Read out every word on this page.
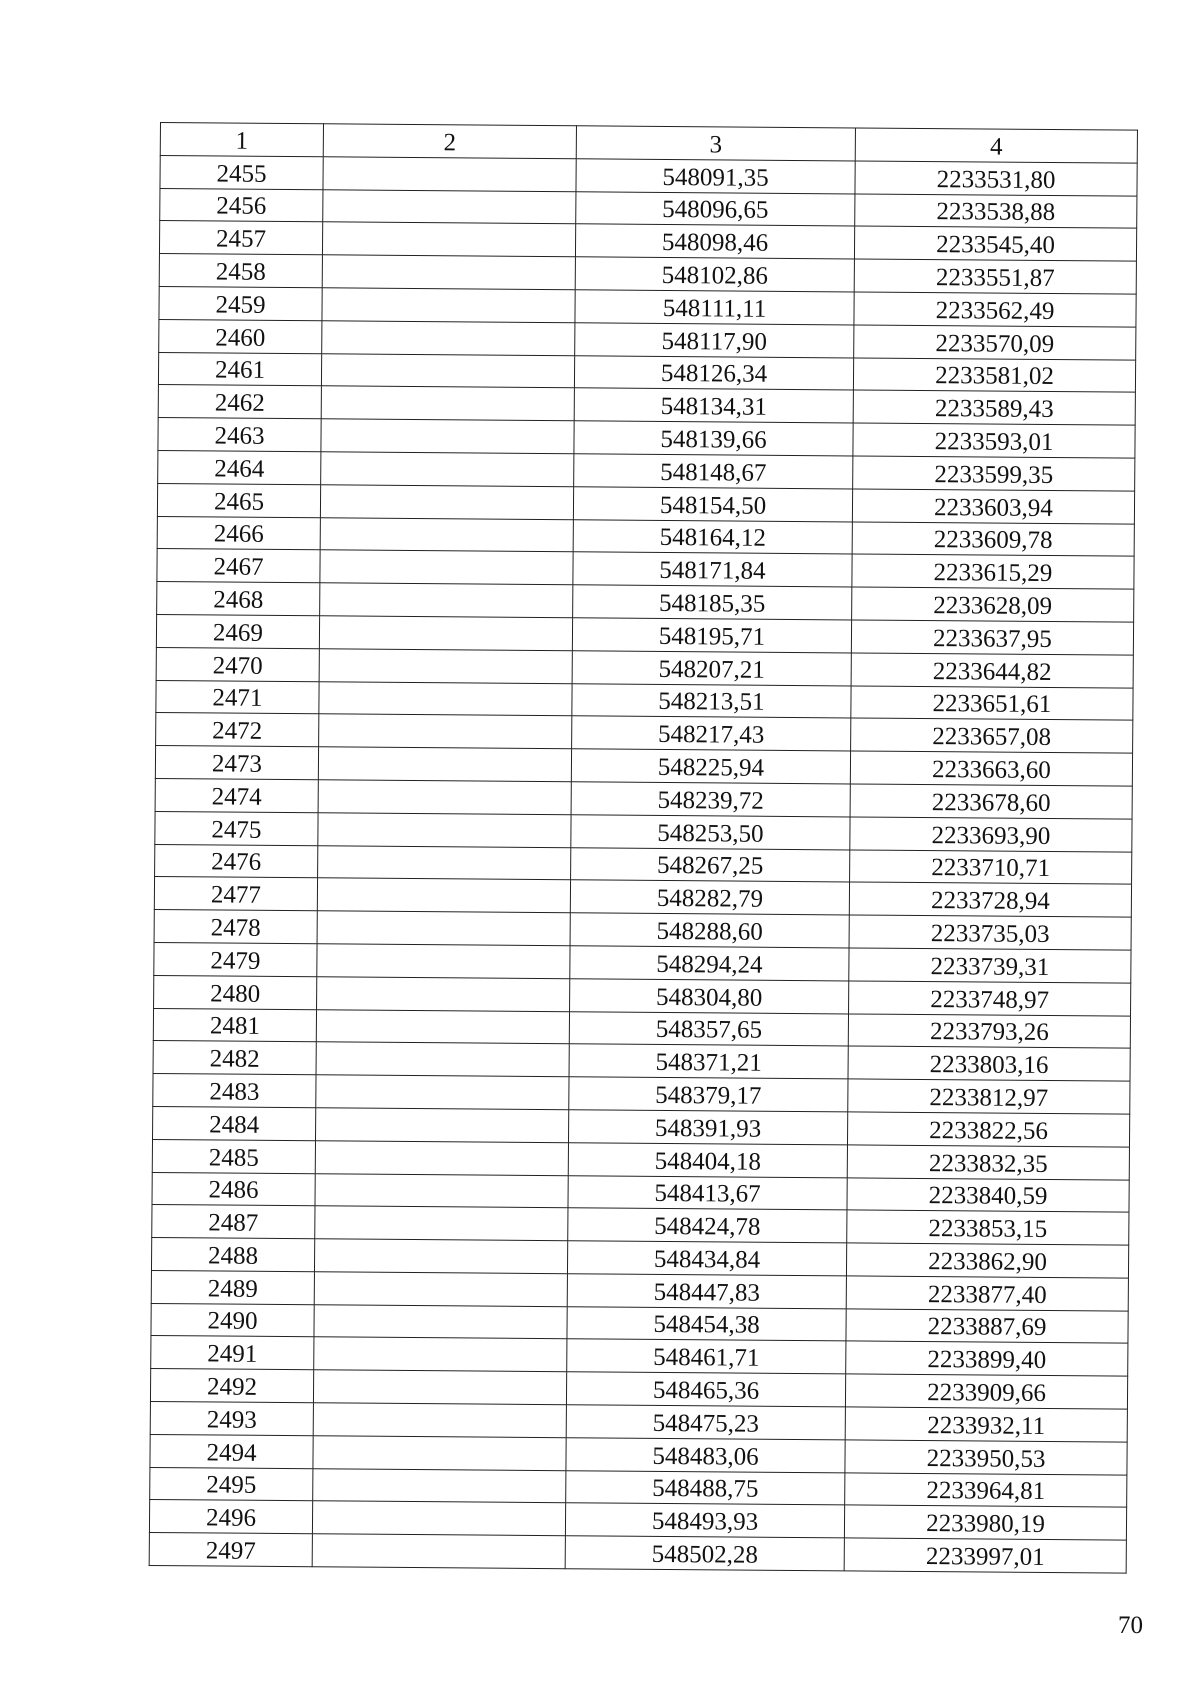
1	2	3	4
2455		548091,35	2233531,80
2456		548096,65	2233538,88
2457		548098,46	2233545,40
2458		548102,86	2233551,87
2459		548111,11	2233562,49
2460		548117,90	2233570,09
2461		548126,34	2233581,02
2462		548134,31	2233589,43
2463		548139,66	2233593,01
2464		548148,67	2233599,35
2465		548154,50	2233603,94
2466		548164,12	2233609,78
2467		548171,84	2233615,29
2468		548185,35	2233628,09
2469		548195,71	2233637,95
2470		548207,21	2233644,82
2471		548213,51	2233651,61
2472		548217,43	2233657,08
2473		548225,94	2233663,60
2474		548239,72	2233678,60
2475		548253,50	2233693,90
2476		548267,25	2233710,71
2477		548282,79	2233728,94
2478		548288,60	2233735,03
2479		548294,24	2233739,31
2480		548304,80	2233748,97
2481		548357,65	2233793,26
2482		548371,21	2233803,16
2483		548379,17	2233812,97
2484		548391,93	2233822,56
2485		548404,18	2233832,35
2486		548413,67	2233840,59
2487		548424,78	2233853,15
2488		548434,84	2233862,90
2489		548447,83	2233877,40
2490		548454,38	2233887,69
2491		548461,71	2233899,40
2492		548465,36	2233909,66
2493		548475,23	2233932,11
2494		548483,06	2233950,53
2495		548488,75	2233964,81
2496		548493,93	2233980,19
2497		548502,28	2233997,01
70
